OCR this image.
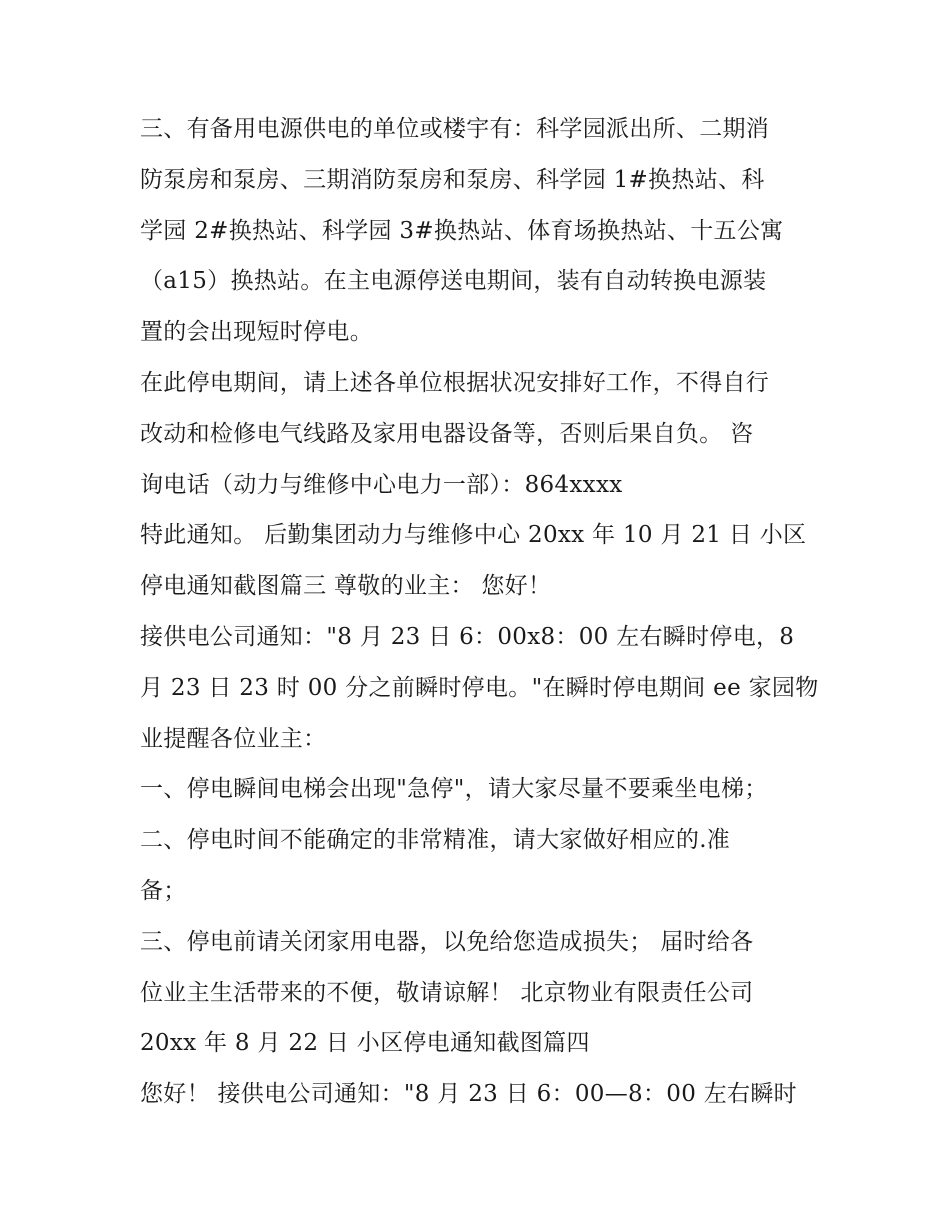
三、有备用电源供电的单位或楼宇有：科学园派出所、二期消
防泵房和泵房、三期消防泵房和泵房、科学园 1#换热站、科
学园 2#换热站、科学园 3#换热站、体育场换热站、十五公寓
（a15）换热站。在主电源停送电期间，装有自动转换电源装
置的会出现短时停电。
在此停电期间，请上述各单位根据状况安排好工作，不得自行
改动和检修电气线路及家用电器设备等，否则后果自负。 咨
询电话（动力与维修中心电力一部）：864xxxx
特此通知。 后勤集团动力与维修中心 20xx 年 10 月 21 日 小区
停电通知截图篇三 尊敬的业主： 您好！
接供电公司通知："8 月 23 日 6：00x8：00 左右瞬时停电，8
月 23 日 23 时 00 分之前瞬时停电。"在瞬时停电期间 ee 家园物
业提醒各位业主：
一、停电瞬间电梯会出现"急停"，请大家尽量不要乘坐电梯；
二、停电时间不能确定的非常精准，请大家做好相应的.准
备；
三、停电前请关闭家用电器，以免给您造成损失； 届时给各
位业主生活带来的不便，敬请谅解！ 北京物业有限责任公司
20xx 年 8 月 22 日 小区停电通知截图篇四
您好！ 接供电公司通知："8 月 23 日 6：00—8：00 左右瞬时
